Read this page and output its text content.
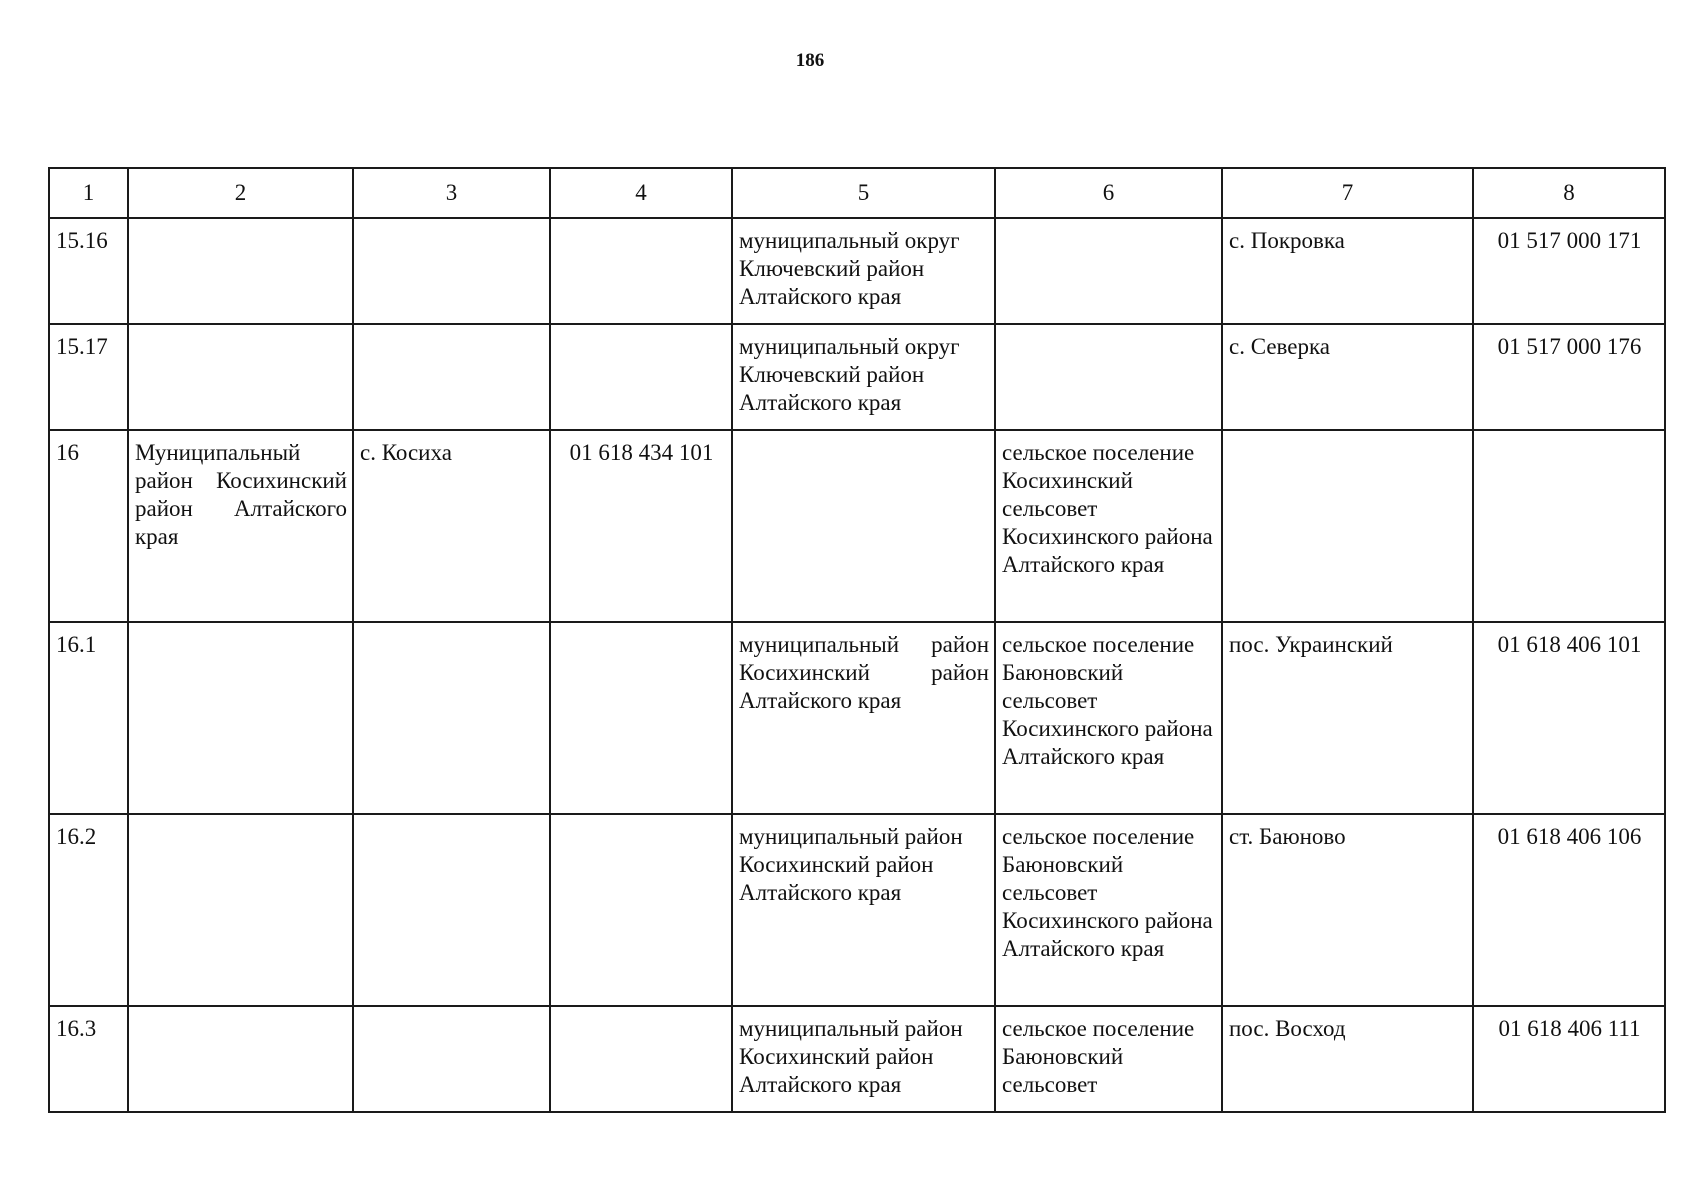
186
1	2	3	4	5	6	7	8
15.16				муниципальный округ Ключевский район Алтайского края		с. Покровка	01 517 000 171
15.17				муниципальный округ Ключевский район Алтайского края		с. Северка	01 517 000 176
16	Муниципальный район Косихинский район Алтайского края	с. Косиха	01 618 434 101		сельское поселение Косихинский сельсовет Косихинского района Алтайского края		
16.1				муниципальный район Косихинский район Алтайского края	сельское поселение Баюновский сельсовет Косихинского района Алтайского края	пос. Украинский	01 618 406 101
16.2				муниципальный район Косихинский район Алтайского края	сельское поселение Баюновский сельсовет Косихинского района Алтайского края	ст. Баюново	01 618 406 106
16.3				муниципальный район Косихинский район Алтайского края	сельское поселение Баюновский сельсовет	пос. Восход	01 618 406 111
